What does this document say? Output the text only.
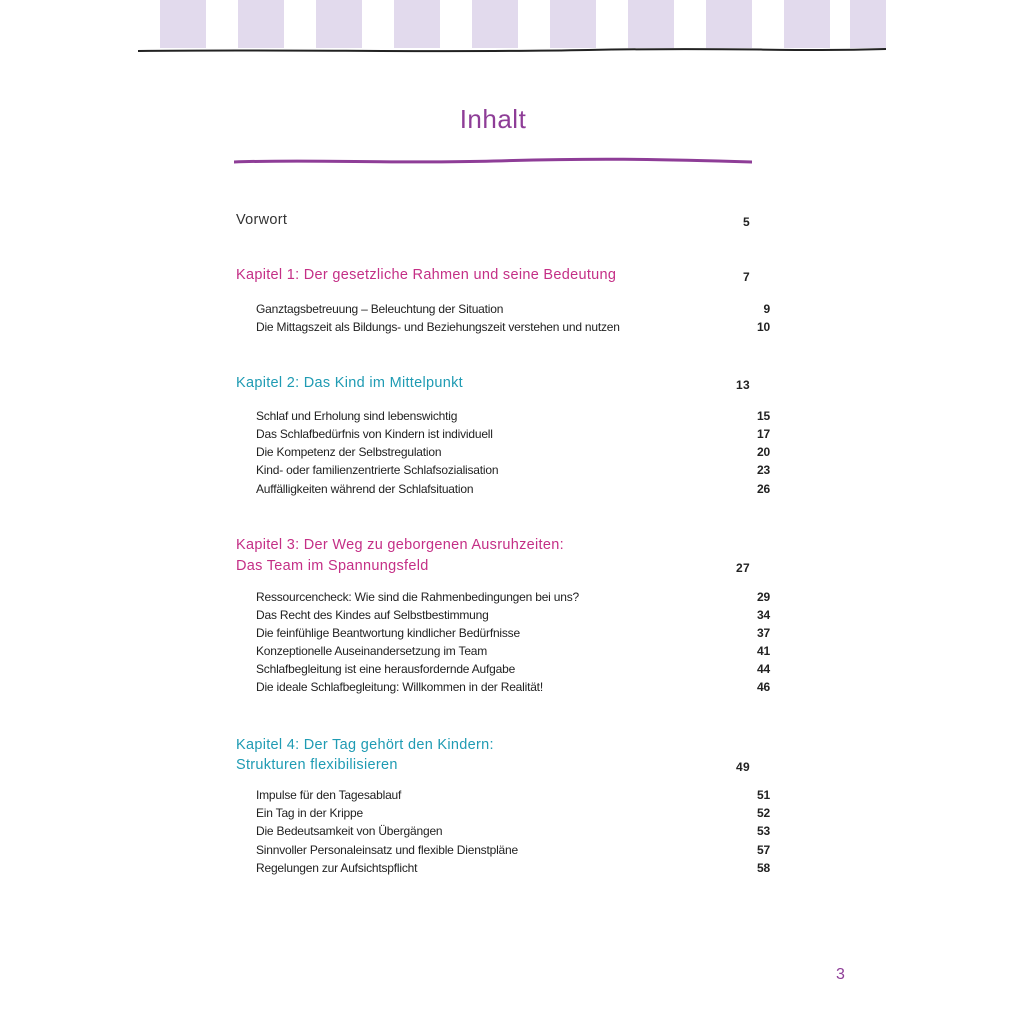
Inhalt
Vorwort	5
Kapitel 1: Der gesetzliche Rahmen und seine Bedeutung	7
Ganztagsbetreuung – Beleuchtung der Situation	9
Die Mittagszeit als Bildungs- und Beziehungszeit verstehen und nutzen	10
Kapitel 2: Das Kind im Mittelpunkt	13
Schlaf und Erholung sind lebenswichtig	15
Das Schlafbedürfnis von Kindern ist individuell	17
Die Kompetenz der Selbstregulation	20
Kind- oder familienzentrierte Schlafsozialisation	23
Auffälligkeiten während der Schlafsituation	26
Kapitel 3: Der Weg zu geborgenen Ausruhzeiten:
Das Team im Spannungsfeld	27
Ressourcencheck: Wie sind die Rahmenbedingungen bei uns?	29
Das Recht des Kindes auf Selbstbestimmung	34
Die feinfühlige Beantwortung kindlicher Bedürfnisse	37
Konzeptionelle Auseinandersetzung im Team	41
Schlafbegleitung ist eine herausfordernde Aufgabe	44
Die ideale Schlafbegleitung: Willkommen in der Realität!	46
Kapitel 4: Der Tag gehört den Kindern:
Strukturen flexibilisieren	49
Impulse für den Tagesablauf	51
Ein Tag in der Krippe	52
Die Bedeutsamkeit von Übergängen	53
Sinnvoller Personaleinsatz und flexible Dienstpläne	57
Regelungen zur Aufsichtspflicht	58

3
